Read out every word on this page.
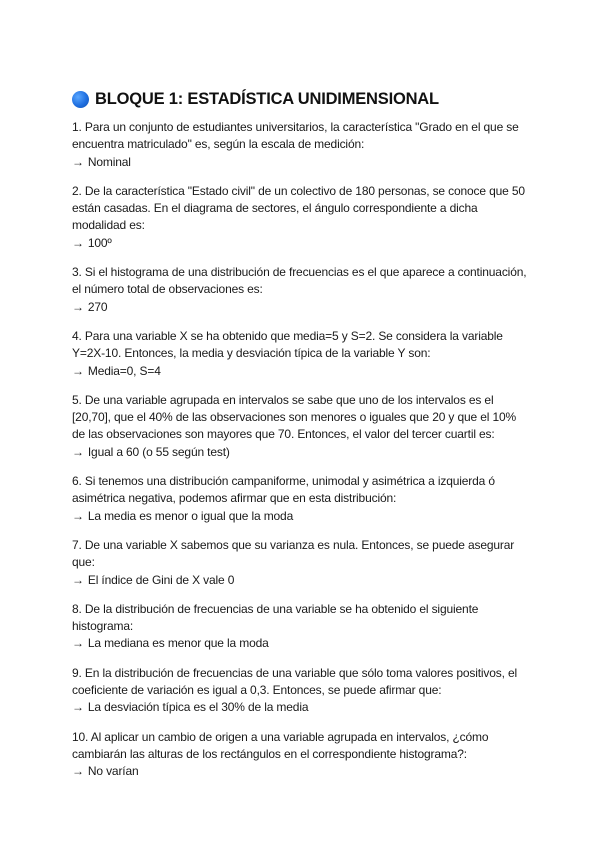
BLOQUE 1: ESTADÍSTICA UNIDIMENSIONAL

1. Para un conjunto de estudiantes universitarios, la característica "Grado en el que se encuentra matriculado" es, según la escala de medición:

→ Nominal

2. De la característica "Estado civil" de un colectivo de 180 personas, se conoce que 50 están casadas. En el diagrama de sectores, el ángulo correspondiente a dicha modalidad es:

→ 100º

3. Si el histograma de una distribución de frecuencias es el que aparece a continuación, el número total de observaciones es:

→ 270

4. Para una variable X se ha obtenido que media=5 y S=2. Se considera la variable Y=2X-10. Entonces, la media y desviación típica de la variable Y son:

→ Media=0, S=4

5. De una variable agrupada en intervalos se sabe que uno de los intervalos es el [20,70], que el 40% de las observaciones son menores o iguales que 20 y que el 10% de las observaciones son mayores que 70. Entonces, el valor del tercer cuartil es:

→ Igual a 60 (o 55 según test)

6. Si tenemos una distribución campaniforme, unimodal y asimétrica a izquierda ó asimétrica negativa, podemos afirmar que en esta distribución:

→ La media es menor o igual que la moda

7. De una variable X sabemos que su varianza es nula. Entonces, se puede asegurar que:

→ El índice de Gini de X vale 0

8. De la distribución de frecuencias de una variable se ha obtenido el siguiente histograma:

→ La mediana es menor que la moda

9. En la distribución de frecuencias de una variable que sólo toma valores positivos, el coeficiente de variación es igual a 0,3. Entonces, se puede afirmar que:

→ La desviación típica es el 30% de la media

10. Al aplicar un cambio de origen a una variable agrupada en intervalos, ¿cómo cambiarán las alturas de los rectángulos en el correspondiente histograma?:

→ No varían
